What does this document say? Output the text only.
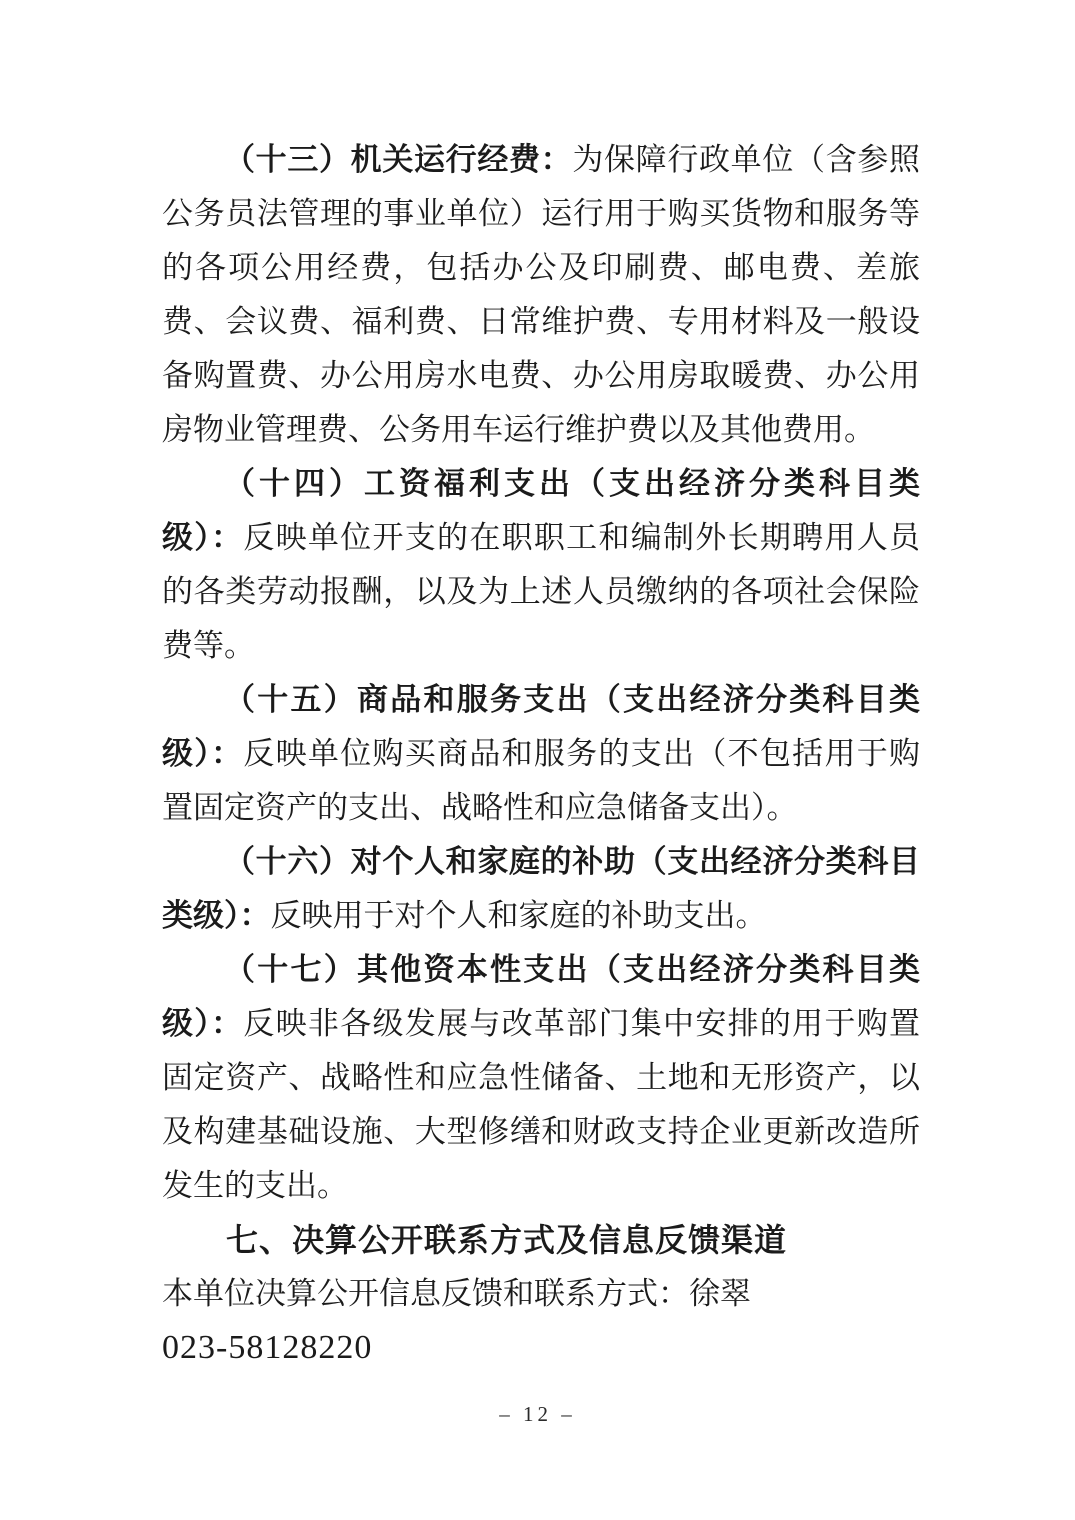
（十三）机关运行经费：为保障行政单位（含参照公务员法管理的事业单位）运行用于购买货物和服务等的各项公用经费，包括办公及印刷费、邮电费、差旅费、会议费、福利费、日常维护费、专用材料及一般设备购置费、办公用房水电费、办公用房取暖费、办公用房物业管理费、公务用车运行维护费以及其他费用。

（十四）工资福利支出（支出经济分类科目类级）：反映单位开支的在职职工和编制外长期聘用人员的各类劳动报酬，以及为上述人员缴纳的各项社会保险费等。

（十五）商品和服务支出（支出经济分类科目类级）：反映单位购买商品和服务的支出（不包括用于购置固定资产的支出、战略性和应急储备支出）。

（十六）对个人和家庭的补助（支出经济分类科目类级）：反映用于对个人和家庭的补助支出。

（十七）其他资本性支出（支出经济分类科目类级）：反映非各级发展与改革部门集中安排的用于购置固定资产、战略性和应急性储备、土地和无形资产，以及构建基础设施、大型修缮和财政支持企业更新改造所发生的支出。

七、决算公开联系方式及信息反馈渠道

本单位决算公开信息反馈和联系方式：徐翠023-58128220

– 12 –
